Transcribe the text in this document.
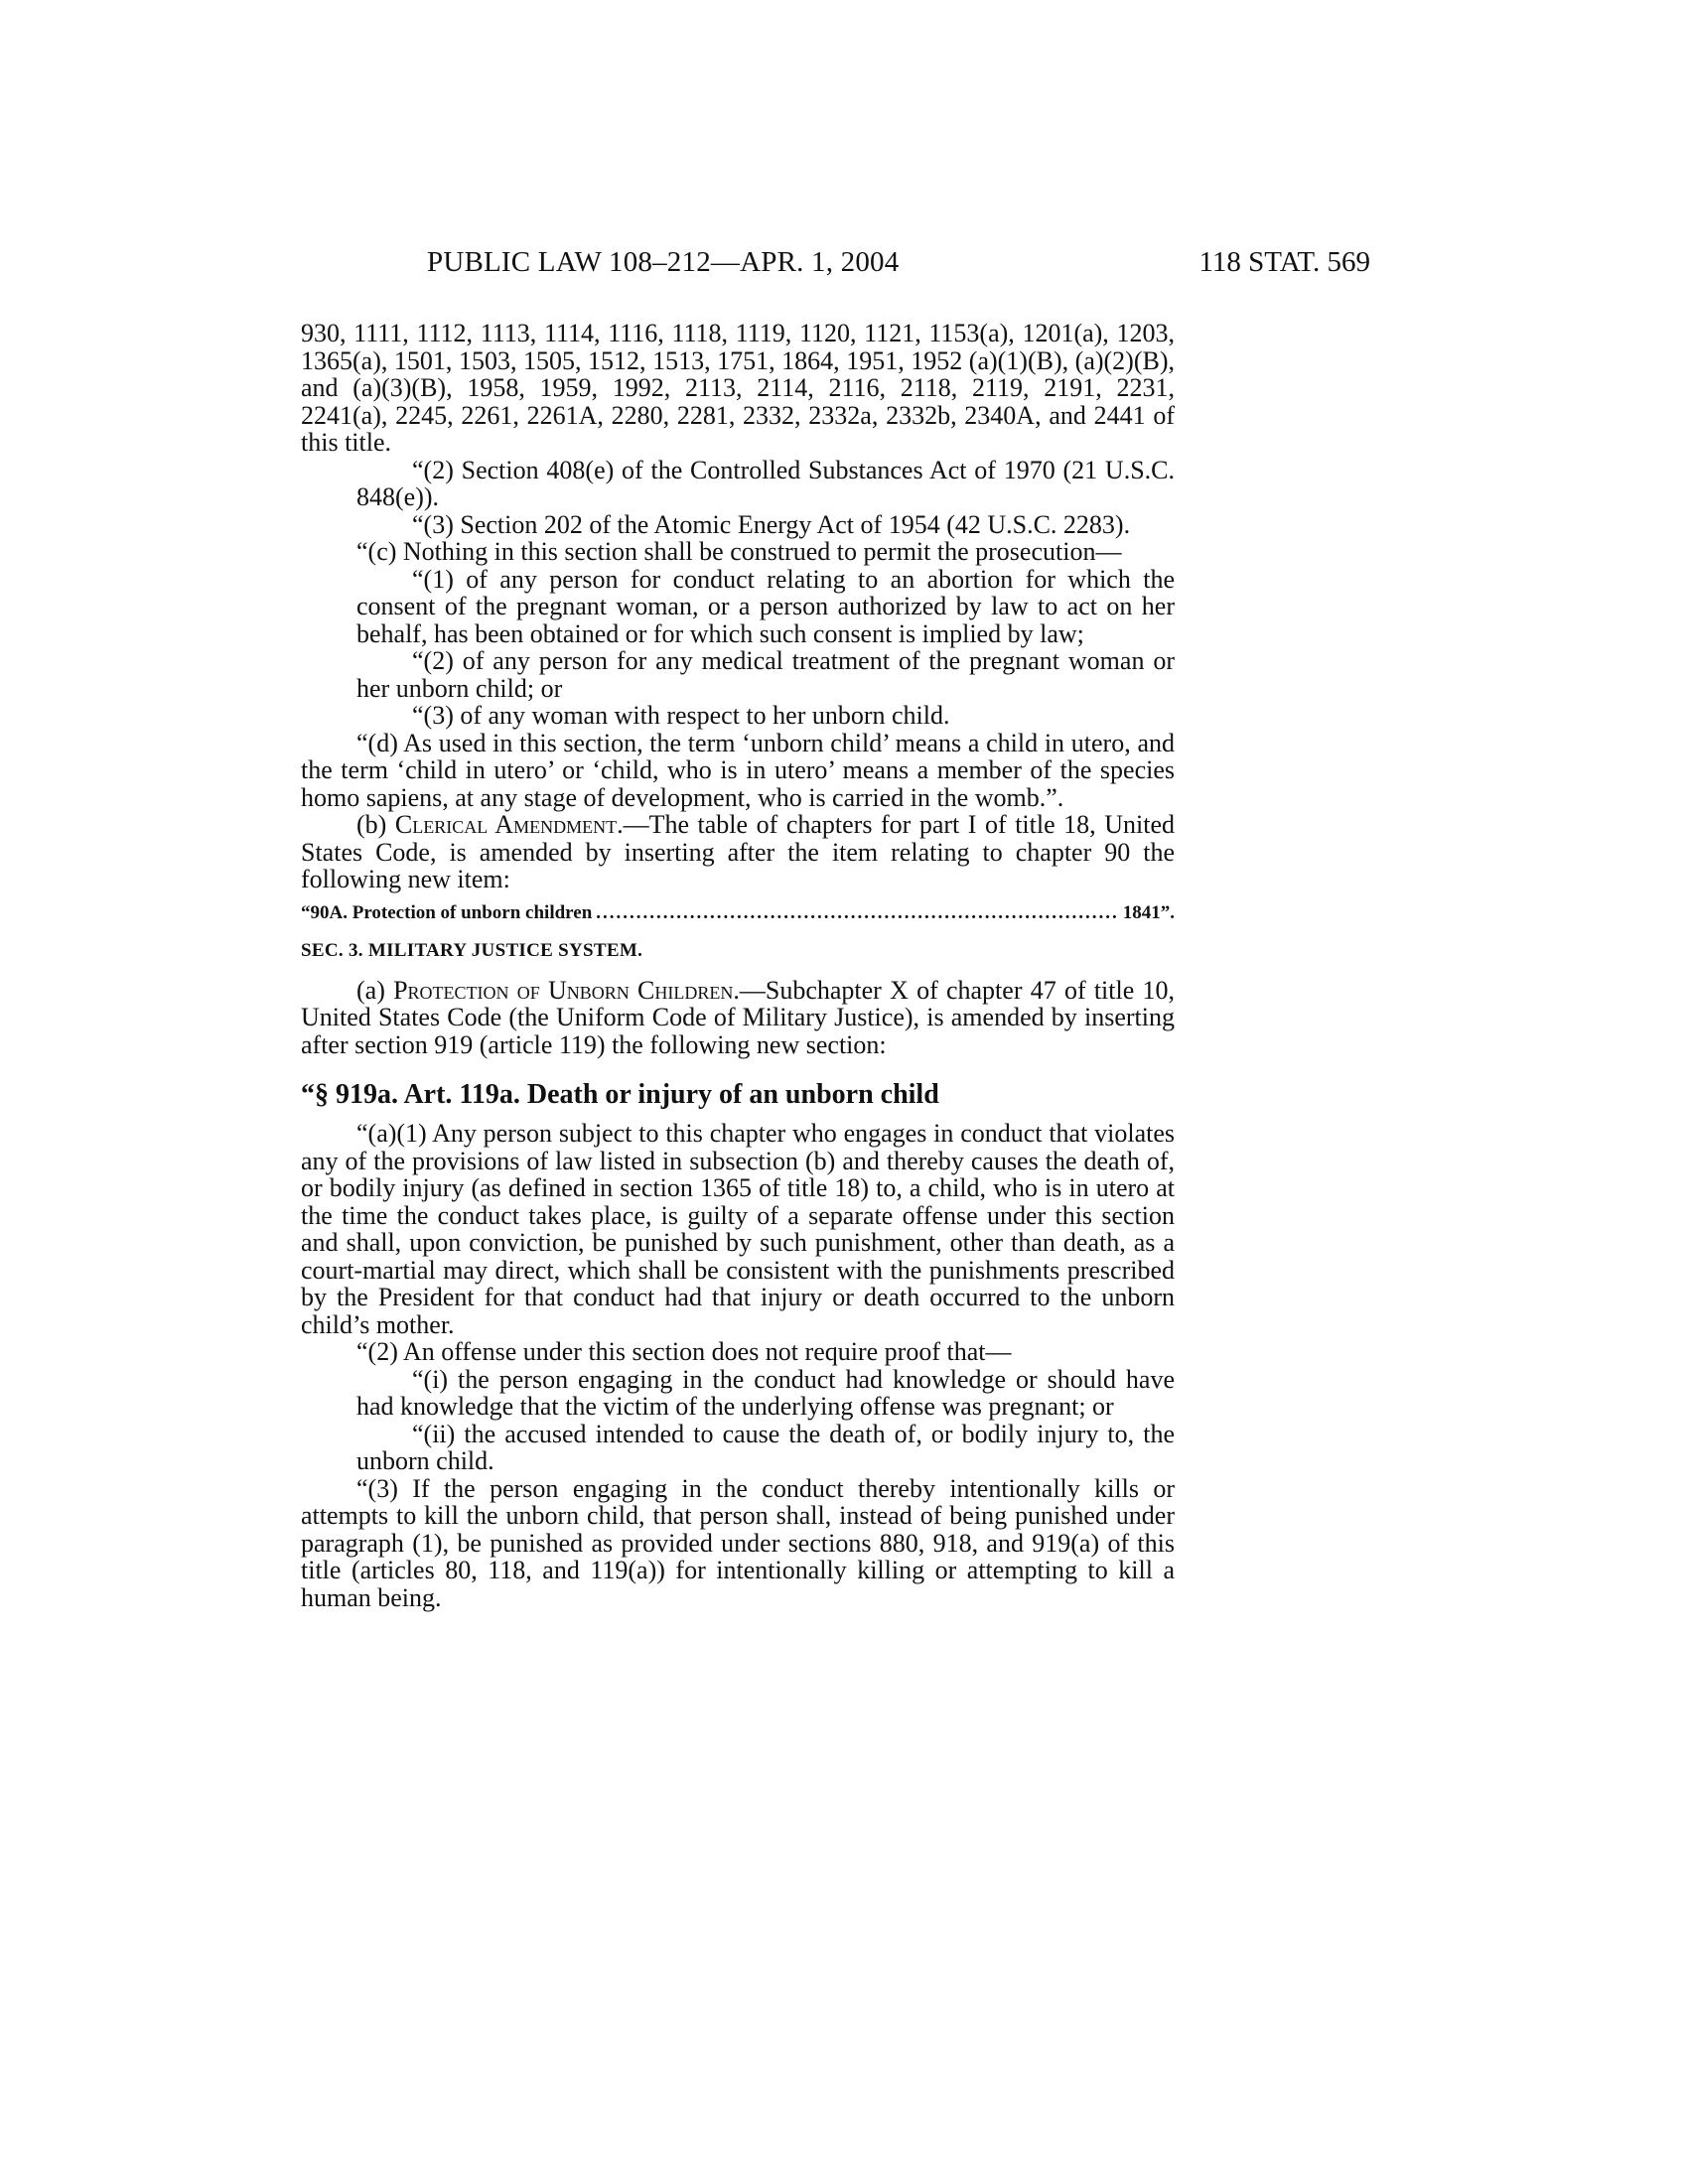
PUBLIC LAW 108–212—APR. 1, 2004	118 STAT. 569

930, 1111, 1112, 1113, 1114, 1116, 1118, 1119, 1120, 1121, 1153(a), 1201(a), 1203, 1365(a), 1501, 1503, 1505, 1512, 1513, 1751, 1864, 1951, 1952 (a)(1)(B), (a)(2)(B), and (a)(3)(B), 1958, 1959, 1992, 2113, 2114, 2116, 2118, 2119, 2191, 2231, 2241(a), 2245, 2261, 2261A, 2280, 2281, 2332, 2332a, 2332b, 2340A, and 2441 of this title.

“(2) Section 408(e) of the Controlled Substances Act of 1970 (21 U.S.C. 848(e)).

“(3) Section 202 of the Atomic Energy Act of 1954 (42 U.S.C. 2283).

“(c) Nothing in this section shall be construed to permit the prosecution—

“(1) of any person for conduct relating to an abortion for which the consent of the pregnant woman, or a person authorized by law to act on her behalf, has been obtained or for which such consent is implied by law;

“(2) of any person for any medical treatment of the pregnant woman or her unborn child; or

“(3) of any woman with respect to her unborn child.

“(d) As used in this section, the term ‘unborn child’ means a child in utero, and the term ‘child in utero’ or ‘child, who is in utero’ means a member of the species homo sapiens, at any stage of development, who is carried in the womb.”.

(b) Clerical Amendment.—The table of chapters for part I of title 18, United States Code, is amended by inserting after the item relating to chapter 90 the following new item:

“90A. Protection of unborn children
.....	1841”.

SEC. 3. MILITARY JUSTICE SYSTEM.

(a) Protection of Unborn Children.—Subchapter X of chapter 47 of title 10, United States Code (the Uniform Code of Military Justice), is amended by inserting after section 919 (article 119) the following new section:

“§ 919a. Art. 119a. Death or injury of an unborn child

“(a)(1) Any person subject to this chapter who engages in conduct that violates any of the provisions of law listed in subsection (b) and thereby causes the death of, or bodily injury (as defined in section 1365 of title 18) to, a child, who is in utero at the time the conduct takes place, is guilty of a separate offense under this section and shall, upon conviction, be punished by such punishment, other than death, as a court-martial may direct, which shall be consistent with the punishments prescribed by the President for that conduct had that injury or death occurred to the unborn child’s mother.

“(2) An offense under this section does not require proof that—

“(i) the person engaging in the conduct had knowledge or should have had knowledge that the victim of the underlying offense was pregnant; or

“(ii) the accused intended to cause the death of, or bodily injury to, the unborn child.

“(3) If the person engaging in the conduct thereby intentionally kills or attempts to kill the unborn child, that person shall, instead of being punished under paragraph (1), be punished as provided under sections 880, 918, and 919(a) of this title (articles 80, 118, and 119(a)) for intentionally killing or attempting to kill a human being.
